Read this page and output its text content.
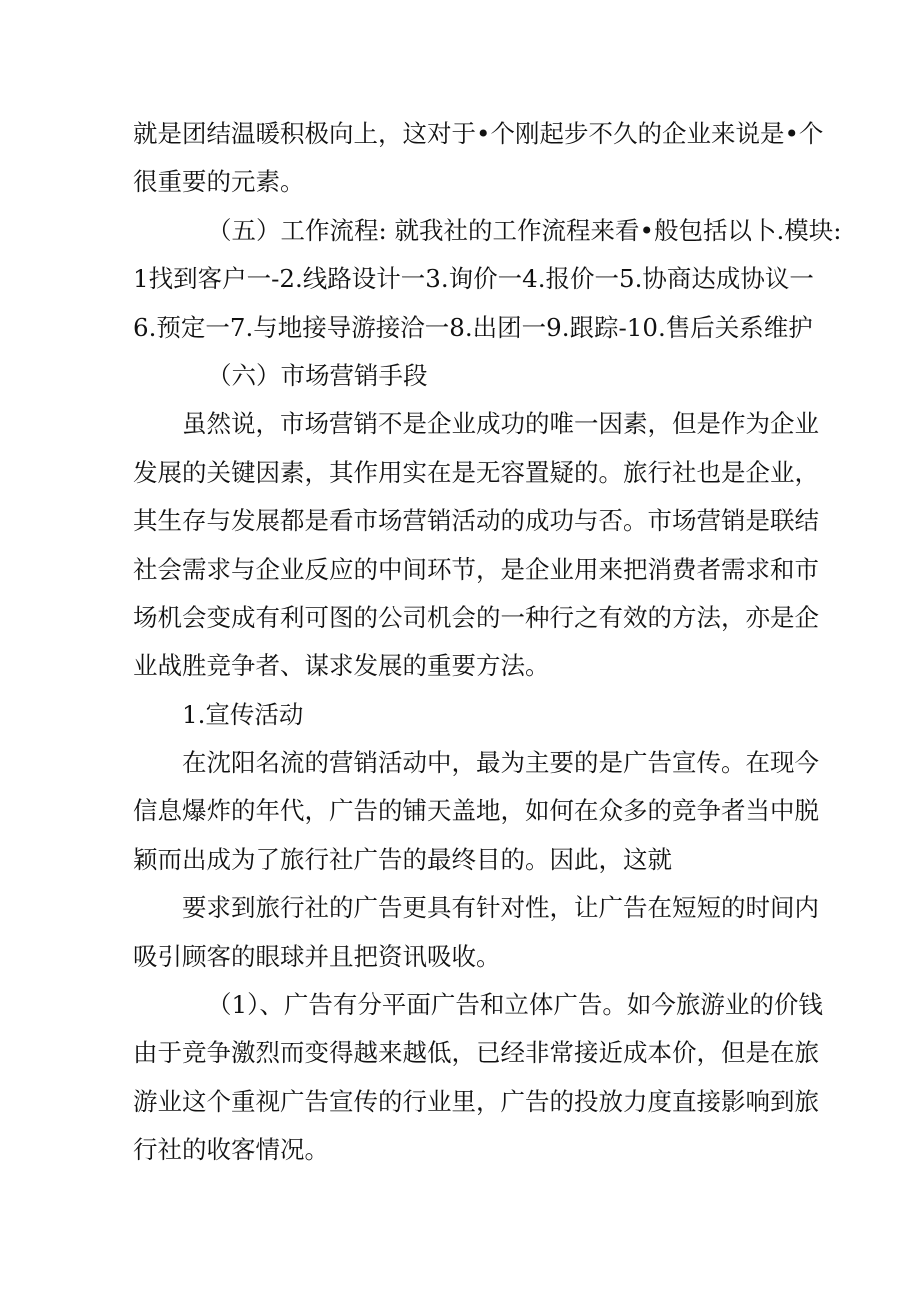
就是团结温暖积极向上，这对于•个刚起步不久的企业来说是•个
很重要的元素。
（五）工作流程: 就我社的工作流程来看•般包括以卜.模块:
1找到客户一-2.线路设计一3.询价一4.报价一5.协商达成协议一
6.预定一7.与地接导游接洽一8.出团一9.跟踪-10.售后关系维护
（六）市场营销手段
虽然说，市场营销不是企业成功的唯一因素，但是作为企业
发展的关键因素，其作用实在是无容置疑的。旅行社也是企业，
其生存与发展都是看市场营销活动的成功与否。市场营销是联结
社会需求与企业反应的中间环节，是企业用来把消费者需求和市
场机会变成有利可图的公司机会的一种行之有效的方法，亦是企
业战胜竞争者、谋求发展的重要方法。
1.宣传活动
在沈阳名流的营销活动中，最为主要的是广告宣传。在现今
信息爆炸的年代，广告的铺天盖地，如何在众多的竞争者当中脱
颖而出成为了旅行社广告的最终目的。因此，这就
要求到旅行社的广告更具有针对性，让广告在短短的时间内
吸引顾客的眼球并且把资讯吸收。
（1）、广告有分平面广告和立体广告。如今旅游业的价钱
由于竞争激烈而变得越来越低，已经非常接近成本价，但是在旅
游业这个重视广告宣传的行业里，广告的投放力度直接影响到旅
行社的收客情况。
